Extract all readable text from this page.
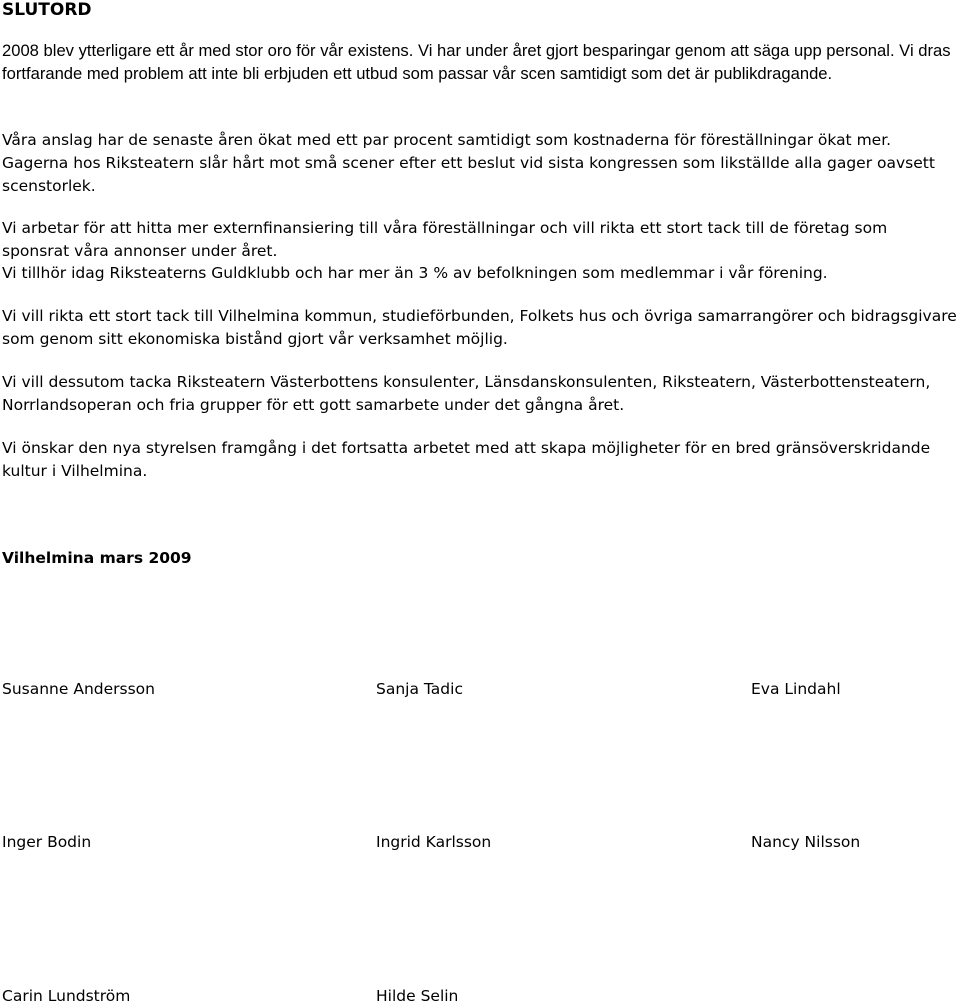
SLUTORD

2008 blev ytterligare ett år med stor oro för vår existens. Vi har under året gjort besparingar genom att säga upp personal. Vi dras fortfarande med problem att inte bli erbjuden ett utbud som passar vår scen samtidigt som det är publikdragande.

Våra anslag har de senaste åren ökat med ett par procent samtidigt som kostnaderna för föreställningar ökat mer.

Gagerna hos Riksteatern slår hårt mot små scener efter ett beslut vid sista kongressen som likställde alla gager oavsett scenstorlek.

Vi arbetar för att hitta mer externfinansiering till våra föreställningar och vill rikta ett stort tack till de företag som sponsrat våra annonser under året.

Vi tillhör idag Riksteaterns Guldklubb och har mer än 3 % av befolkningen som medlemmar i vår förening.

Vi vill rikta ett stort tack till Vilhelmina kommun, studieförbunden, Folkets hus och övriga samarrangörer och bidragsgivare som genom sitt ekonomiska bistånd gjort vår verksamhet möjlig.

Vi vill dessutom tacka Riksteatern Västerbottens konsulenter, Länsdanskonsulenten, Riksteatern, Västerbottensteatern, Norrlandsoperan och fria grupper för ett gott samarbete under det gångna året.

Vi önskar den nya styrelsen framgång i det fortsatta arbetet med att skapa möjligheter för en bred gränsöverskridande kultur i Vilhelmina.

Vilhelmina mars 2009

Susanne Andersson	Sanja Tadic	Eva Lindahl

Inger Bodin	Ingrid Karlsson	Nancy Nilsson

Carin Lundström	Hilde Selin
